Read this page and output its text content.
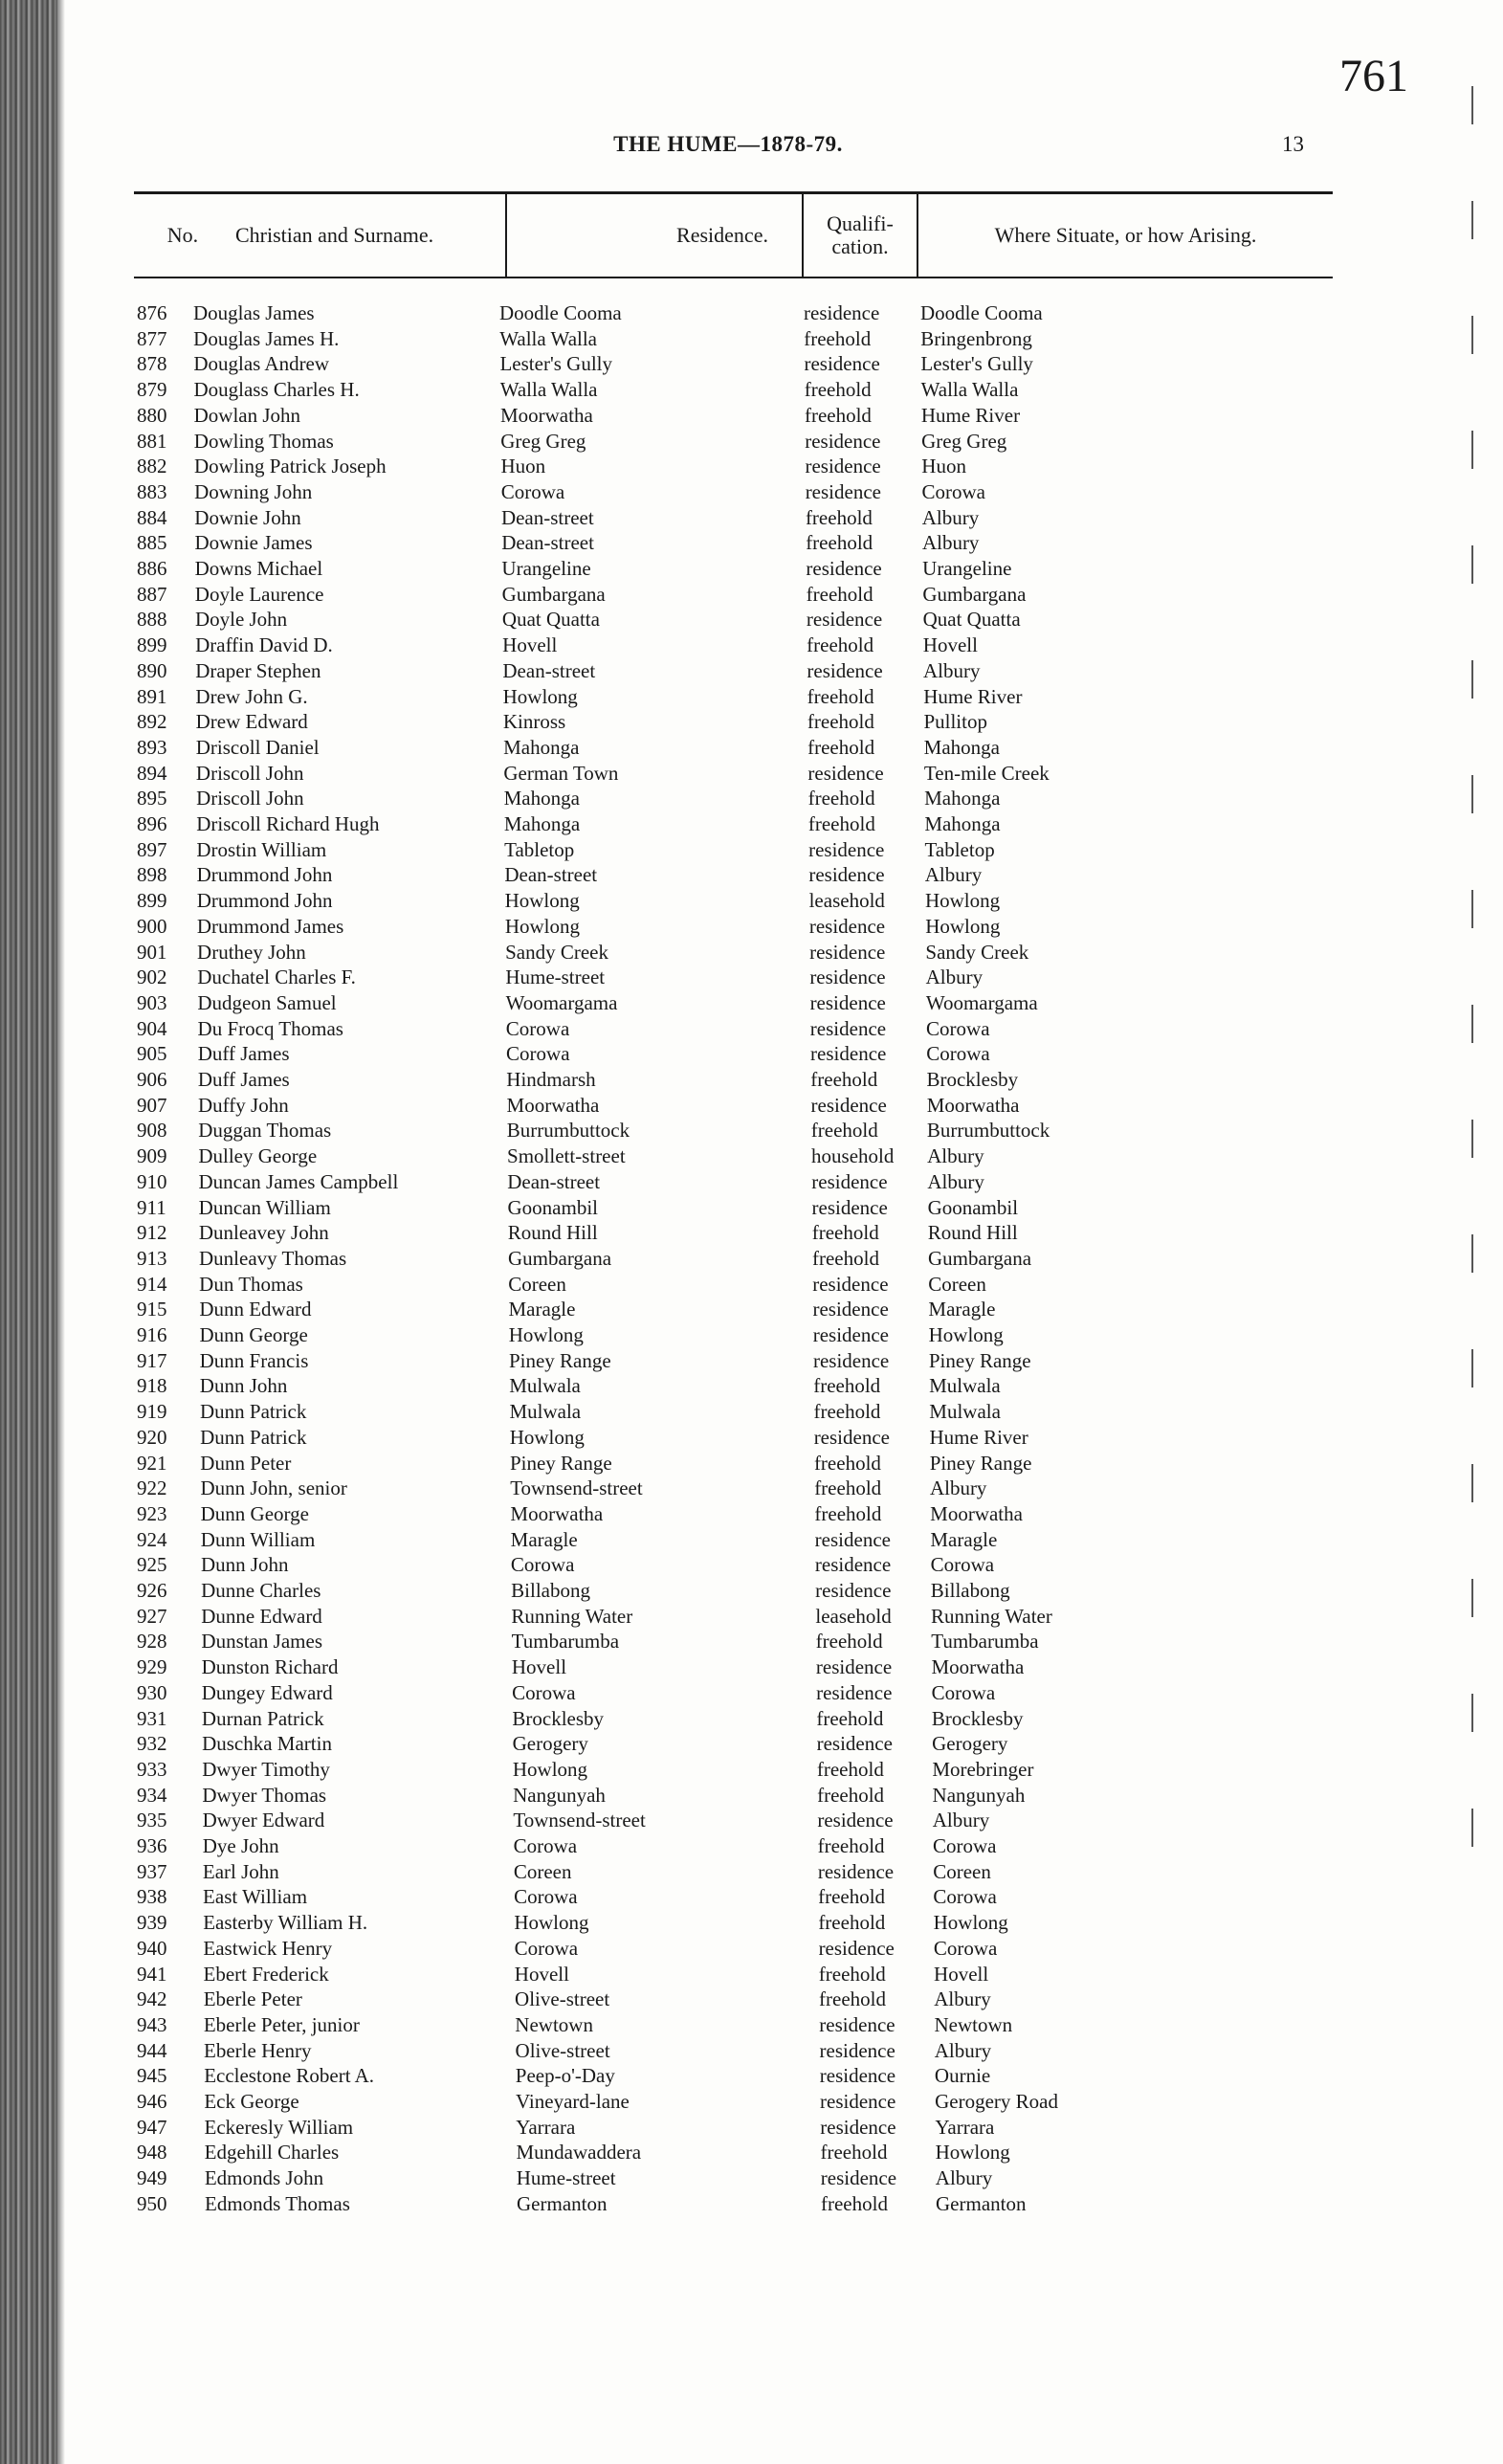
761
THE HUME—1878-79.	13
No.	Christian and Surname.	Residence.	Qualifi-
cation.	Where Situate, or how Arising.
876 Douglas James	Doodle Cooma	residence Doodle Cooma
877 Douglas James H.	Walla Walla	freehold Bringenbrong
878 Douglas Andrew	Lester's Gully	residence Lester's Gully
879 Douglass Charles H.	Walla Walla	freehold Walla Walla
880 Dowlan John	Moorwatha	freehold Hume River
881 Dowling Thomas	Greg Greg	residence Greg Greg
882 Dowling Patrick Joseph	Huon	residence Huon
883 Downing John	Corowa	residence Corowa
884 Downie John	Dean-street	freehold Albury
885 Downie James	Dean-street	freehold Albury
886 Downs Michael	Urangeline	residence Urangeline
887 Doyle Laurence	Gumbargana	freehold Gumbargana
888 Doyle John	Quat Quatta	residence Quat Quatta
899 Draffin David D.	Hovell	freehold Hovell
890 Draper Stephen	Dean-street	residence Albury
891 Drew John G.	Howlong	freehold Hume River
892 Drew Edward	Kinross	freehold Pullitop
893 Driscoll Daniel	Mahonga	freehold Mahonga
894 Driscoll John	German Town	residence Ten-mile Creek
895 Driscoll John	Mahonga	freehold Mahonga
896 Driscoll Richard Hugh	Mahonga	freehold Mahonga
897 Drostin William	Tabletop	residence Tabletop
898 Drummond John	Dean-street	residence Albury
899 Drummond John	Howlong	leasehold Howlong
900 Drummond James	Howlong	residence Howlong
901 Druthey John	Sandy Creek	residence Sandy Creek
902 Duchatel Charles F.	Hume-street	residence Albury
903 Dudgeon Samuel	Woomargama	residence Woomargama
904 Du Frocq Thomas	Corowa	residence Corowa
905 Duff James	Corowa	residence Corowa
906 Duff James	Hindmarsh	freehold Brocklesby
907 Duffy John	Moorwatha	residence Moorwatha
908 Duggan Thomas	Burrumbuttock	freehold Burrumbuttock
909 Dulley George	Smollett-street	household Albury
910 Duncan James Campbell	Dean-street	residence Albury
911 Duncan William	Goonambil	residence Goonambil
912 Dunleavey John	Round Hill	freehold Round Hill
913 Dunleavy Thomas	Gumbargana	freehold Gumbargana
914 Dun Thomas	Coreen	residence Coreen
915 Dunn Edward	Maragle	residence Maragle
916 Dunn George	Howlong	residence Howlong
917 Dunn Francis	Piney Range	residence Piney Range
918 Dunn John	Mulwala	freehold Mulwala
919 Dunn Patrick	Mulwala	freehold Mulwala
920 Dunn Patrick	Howlong	residence Hume River
921 Dunn Peter	Piney Range	freehold Piney Range
922 Dunn John, senior	Townsend-street	freehold Albury
923 Dunn George	Moorwatha	freehold Moorwatha
924 Dunn William	Maragle	residence Maragle
925 Dunn John	Corowa	residence Corowa
926 Dunne Charles	Billabong	residence Billabong
927 Dunne Edward	Running Water	leasehold Running Water
928 Dunstan James	Tumbarumba	freehold Tumbarumba
929 Dunston Richard	Hovell	residence Moorwatha
930 Dungey Edward	Corowa	residence Corowa
931 Durnan Patrick	Brocklesby	freehold Brocklesby
932 Duschka Martin	Gerogery	residence Gerogery
933 Dwyer Timothy	Howlong	freehold Morebringer
934 Dwyer Thomas	Nangunyah	freehold Nangunyah
935 Dwyer Edward	Townsend-street	residence Albury
936 Dye John	Corowa	freehold Corowa
937 Earl John	Coreen	residence Coreen
938 East William	Corowa	freehold Corowa
939 Easterby William H.	Howlong	freehold Howlong
940 Eastwick Henry	Corowa	residence Corowa
941 Ebert Frederick	Hovell	freehold Hovell
942 Eberle Peter	Olive-street	freehold Albury
943 Eberle Peter, junior	Newtown	residence Newtown
944 Eberle Henry	Olive-street	residence Albury
945 Ecclestone Robert A.	Peep-o'-Day	residence Ournie
946 Eck George	Vineyard-lane	residence Gerogery Road
947 Eckeresly William	Yarrara	residence Yarrara
948 Edgehill Charles	Mundawaddera	freehold Howlong
949 Edmonds John	Hume-street	residence Albury
950 Edmonds Thomas	Germanton	freehold Germanton
